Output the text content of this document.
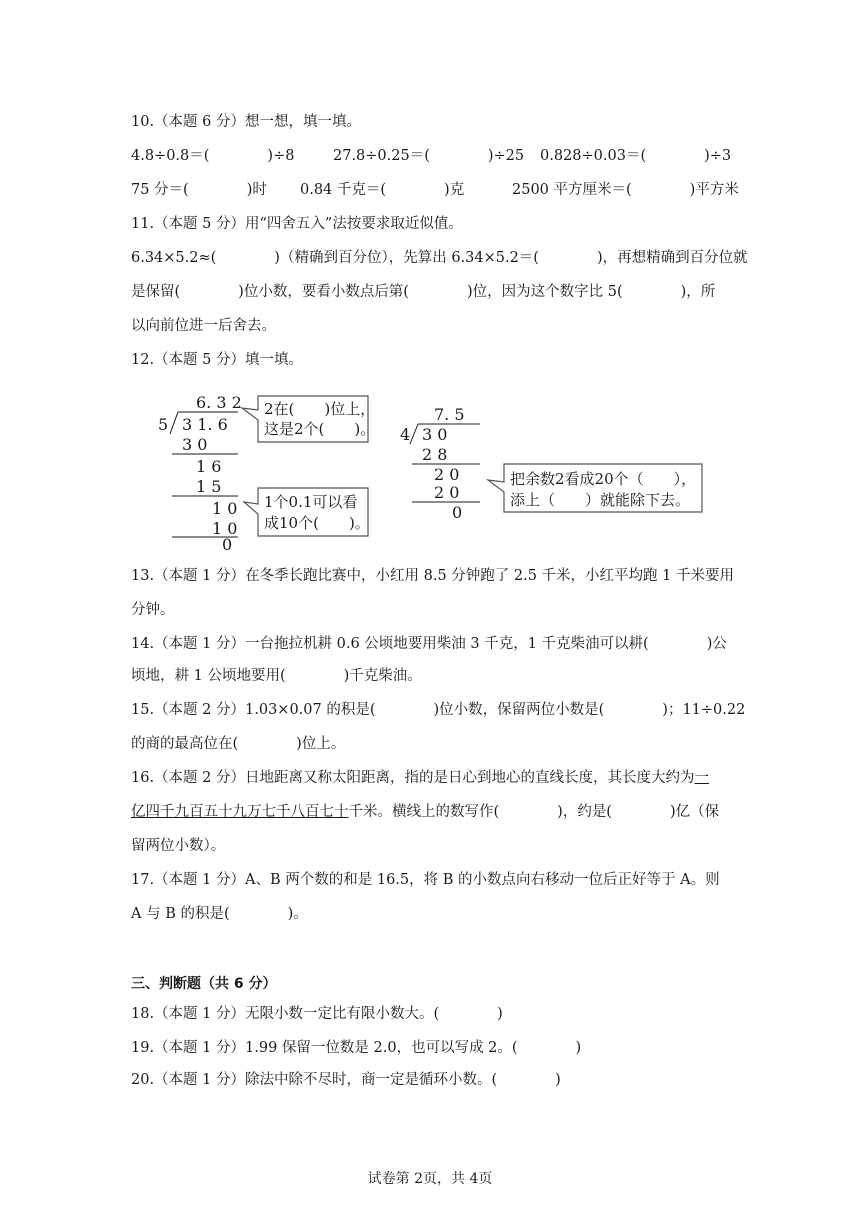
10.（本题 6 分）想一想，填一填。
4.8÷0.8＝(　　　　)÷8	27.8÷0.25＝(　　　　)÷25 0.828÷0.03＝(　　　　)÷3
75 分＝(　　　　)时 0.84 千克＝(　　　　)克	2500 平方厘米＝(　　　　)平方米
11.（本题 5 分）用“四舍五入”法按要求取近似值。
6.34×5.2≈(　　　　)（精确到百分位），先算出 6.34×5.2＝(　　　　)，再想精确到百分位就
是保留(　　　　)位小数，要看小数点后第(　　　　)位，因为这个数字比 5(　　　　)，所
以向前位进一后舍去。
12.（本题 5 分）填一填。
6. 3 2
5 3 1. 6
3 0
1 6
1 5
1 0
1 0
0
2在(　　)位上，
这是2个(　　)。
1个0.1可以看
成10个(　　)。
7. 5
4 3 0
2 8
2 0
2 0
0
把余数2看成20个（　　），
添上（　　）就能除下去。
13.（本题 1 分）在冬季长跑比赛中，小红用 8.5 分钟跑了 2.5 千米，小红平均跑 1 千米要用
分钟。
14.（本题 1 分）一台拖拉机耕 0.6 公顷地要用柴油 3 千克，1 千克柴油可以耕(　　　　)公
顷地，耕 1 公顷地要用(　　　　)千克柴油。
15.（本题 2 分）1.03×0.07 的积是(　　　　)位小数，保留两位小数是(　　　　)；11÷0.22
的商的最高位在(　　　　)位上。
16.（本题 2 分）日地距离又称太阳距离，指的是日心到地心的直线长度，其长度大约为一
亿四千九百五十九万七千八百七十千米。横线上的数写作(　　　　)，约是(　　　　)亿（保
留两位小数）。
17.（本题 1 分）A、B 两个数的和是 16.5，将 B 的小数点向右移动一位后正好等于 A。则
A 与 B 的积是(　　　　)。
三、判断题（共 6 分）
18.（本题 1 分）无限小数一定比有限小数大。(　　　　)
19.（本题 1 分）1.99 保留一位数是 2.0，也可以写成 2。(　　　　)
20.（本题 1 分）除法中除不尽时，商一定是循环小数。(　　　　)
试卷第 2页，共 4页
